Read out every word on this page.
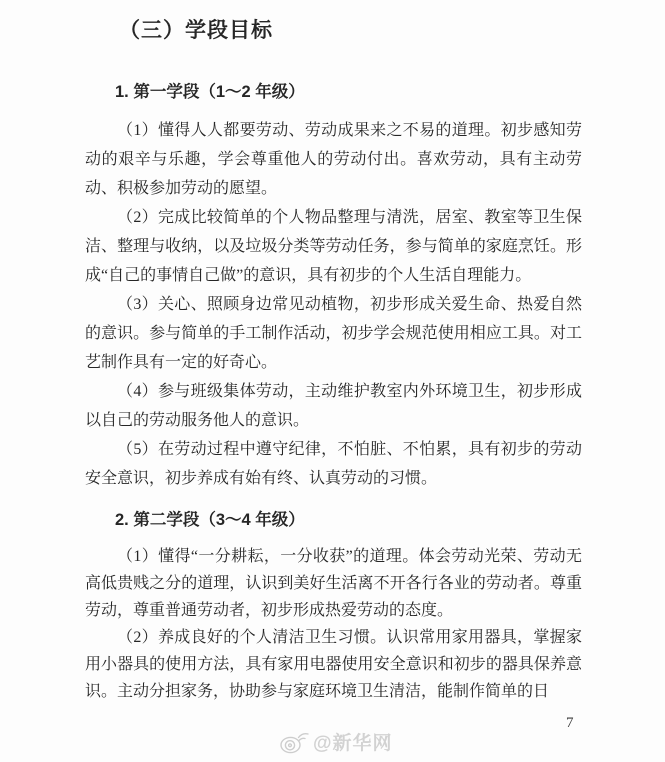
（三）学段目标
1. 第一学段（1～2 年级）

（1）懂得人人都要劳动、劳动成果来之不易的道理。初步感知劳动的艰辛与乐趣，学会尊重他人的劳动付出。喜欢劳动，具有主动劳动、积极参加劳动的愿望。

（2）完成比较简单的个人物品整理与清洗，居室、教室等卫生保洁、整理与收纳，以及垃圾分类等劳动任务，参与简单的家庭烹饪。形成“自己的事情自己做”的意识，具有初步的个人生活自理能力。

（3）关心、照顾身边常见动植物，初步形成关爱生命、热爱自然的意识。参与简单的手工制作活动，初步学会规范使用相应工具。对工艺制作具有一定的好奇心。

（4）参与班级集体劳动，主动维护教室内外环境卫生，初步形成以自己的劳动服务他人的意识。

（5）在劳动过程中遵守纪律，不怕脏、不怕累，具有初步的劳动安全意识，初步养成有始有终、认真劳动的习惯。

2. 第二学段（3～4 年级）

（1）懂得“一分耕耘，一分收获”的道理。体会劳动光荣、劳动无高低贵贱之分的道理，认识到美好生活离不开各行各业的劳动者。尊重劳动，尊重普通劳动者，初步形成热爱劳动的态度。

（2）养成良好的个人清洁卫生习惯。认识常用家用器具，掌握家用小器具的使用方法，具有家用电器使用安全意识和初步的器具保养意识。主动分担家务，协助参与家庭环境卫生清洁，能制作简单的日

7
@新华网
